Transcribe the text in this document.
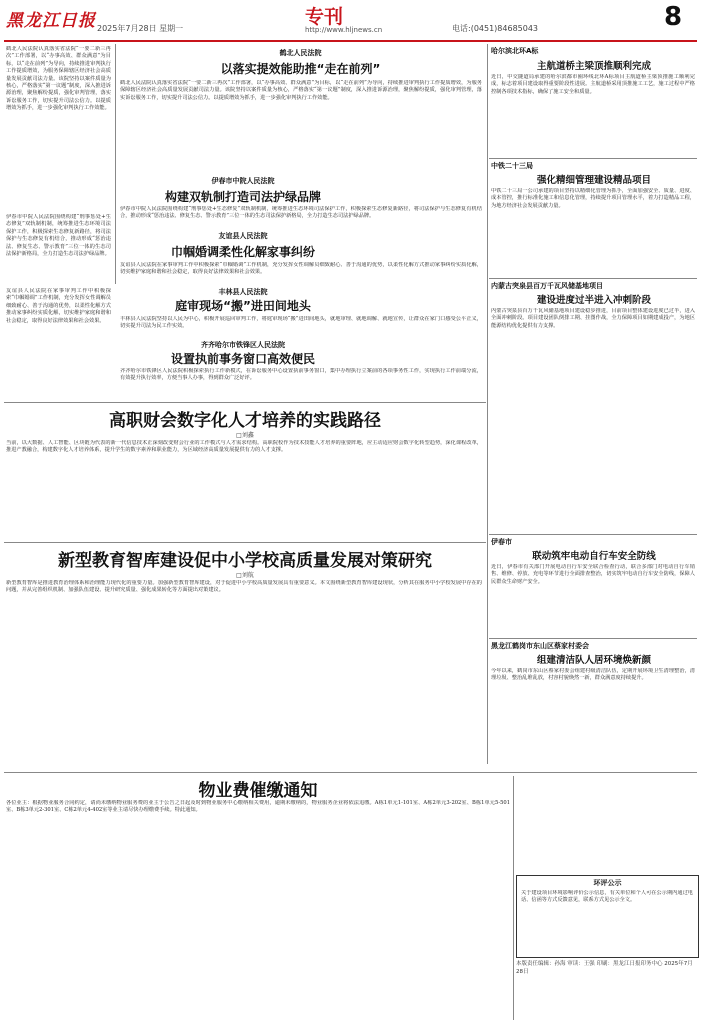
黑龙江日报 2025年7月28日 星期一
专刊
http://www.hljnews.cn	电话:(0451)84685043	8
鹤北人民法院认真落实省法院“一要二新三再次”工作部署，以“办事高效、群众满意”为目标，以“走在前列”为导向，持续推进审判执行工作提质增效，为服务保障辖区经济社会高质量发展贡献司法力量。该院坚持以案件质量为核心，严格落实“第一议题”制度，深入推进诉源治理，聚焦解纷提质，强化审判管理，落实诉讼服务工作，切实提升司法公信力。以提质增效为抓手，进一步强化审判执行工作效能。
鹤北人民法院
以落实提效能助推“走在前列”
鹤北人民法院认真落实省法院“一要二新三再次”工作部署，以“办事高效、群众满意”为目标，以“走在前列”为导向，持续推进审判执行工作提质增效，为服务保障辖区经济社会高质量发展贡献司法力量。该院坚持以案件质量为核心，严格落实“第一议题”制度，深入推进诉源治理，聚焦解纷提质，强化审判管理，落实诉讼服务工作，切实提升司法公信力。以提质增效为抓手，进一步强化审判执行工作效能。
伊春市中院人民法院
构建双轨制打造司法护绿品牌
伊春市中院人民法院围绕构建“刑事惩处+生态修复”双轨制机制，统筹推进生态环境司法保护工作，积极探索生态修复新路径，将司法保护与生态修复有机结合，推动形成“惩治违法、修复生态、警示教育”三位一体的生态司法保护新格局，全力打造生态司法护绿品牌。
伊春市中院人民法院围绕构建“刑事惩处+生态修复”双轨制机制，统筹推进生态环境司法保护工作，积极探索生态修复新路径，将司法保护与生态修复有机结合，推动形成“惩治违法、修复生态、警示教育”三位一体的生态司法保护新格局，全力打造生态司法护绿品牌。
友谊县人民法院
巾帼婚调柔性化解家事纠纷
友谊县人民法院在家事审判工作中积极探索“巾帼婚调”工作机制，充分发挥女性调解员细致耐心、善于沟通的优势，以柔性化解方式推动家事纠纷实质化解，切实维护家庭和谐和社会稳定，取得良好法律效果和社会效果。
友谊县人民法院在家事审判工作中积极探索“巾帼婚调”工作机制，充分发挥女性调解员细致耐心、善于沟通的优势，以柔性化解方式推动家事纠纷实质化解，切实维护家庭和谐和社会稳定，取得良好法律效果和社会效果。
丰林县人民法院
庭审现场“搬”进田间地头
丰林县人民法院坚持以人民为中心，积极开展巡回审判工作，将庭审现场“搬”进田间地头，就地审理、就地调解、就地宣传，让群众在家门口感受公平正义，切实提升司法为民工作实效。
齐齐哈尔市铁锋区人民法院
设置执前事务窗口高效便民
齐齐哈尔市铁锋区人民法院积极探索执行工作新模式，在诉讼服务中心设置执前事务窗口，集中办理执行立案前的各项事务性工作，实现执行工作前端分流，有效提升执行效率，方便当事人办事，得到群众广泛好评。
高职财会数字化人才培养的实践路径
□刘鑫
当前，以大数据、人工智能、区块链为代表的新一代信息技术正深刻改变财会行业的工作模式与人才需求结构。高职院校作为技术技能人才培养的重要阵地，应主动适应财会数字化转型趋势，深化课程改革，推进产教融合，构建数字化人才培养体系，提升学生的数字素养和职业能力，为区域经济高质量发展提供有力的人才支撑。
新型教育智库建设促中小学校高质量发展对策研究
□刘航
新型教育智库是推进教育治理体系和治理能力现代化的重要力量。加强新型教育智库建设，对于促进中小学校高质量发展具有重要意义。本文围绕新型教育智库建设现状，分析其在服务中小学校发展中存在的问题，并从完善组织机制、加强队伍建设、提升研究质量、强化成果转化等方面提出对策建议。
哈尔滨北环A标
主航道桥主梁顶推顺利完成
近日，中交隧道局承建的哈尔滨都市圈环线北环A标项目主航道桥主梁顶推施工顺利完成，标志着项目建设取得重要阶段性进展。主航道桥采用顶推施工工艺，施工过程中严格控制各项技术指标，确保了施工安全和质量。
中铁二十三局
强化精细管理建设精品项目
中铁二十三局一公司承建的项目坚持以精细化管理为抓手，全面加强安全、质量、进度、成本管控，推行标准化施工和信息化管理，持续提升项目管理水平，着力打造精品工程，为地方经济社会发展贡献力量。
内蒙古突泉县百万千瓦风储基地项目
建设进度过半进入冲刺阶段
内蒙古突泉县百万千瓦风储基地项目建设稳步推进，目前项目整体建设进度已过半，进入全面冲刺阶段。项目建设团队倒排工期、挂图作战，全力保障项目如期建成投产，为地区能源结构优化提供有力支撑。
伊春市
联动筑牢电动自行车安全防线
近日，伊春市有关部门开展电动自行车安全联合检查行动，联合多部门对电动自行车销售、维修、停放、充电等环节进行全面排查整治，切实筑牢电动自行车安全防线，保障人民群众生命财产安全。
黑龙江鹤岗市东山区蔡家村委会
组建清洁队人居环境焕新颜
今年以来，鹤岗市东山区蔡家村委会组建村级清洁队伍，定期开展环境卫生清理整治，清理垃圾、整治乱堆乱放，村容村貌焕然一新，群众满意度持续提升。
物业费催缴通知
各位业主：根据物业服务合同约定，请尚未缴纳物业服务费的业主于公告之日起及时到物业服务中心缴纳相关费用，逾期未缴纳的，物业服务企业将依法追缴。A栋1单元1-101室、A栋2单元3-202室、B栋1单元5-501室、B栋3单元2-301室、C栋2单元4-402室等业主请尽快办理缴费手续。特此通知。
环评公示
关于建设项目环境影响评价公示信息，有关单位和个人可在公示期内通过电话、信函等方式反馈意见，联系方式见公示全文。
本版责任编辑：孙海 审读：王强 印刷：黑龙江日报印务中心 2025年7月28日
